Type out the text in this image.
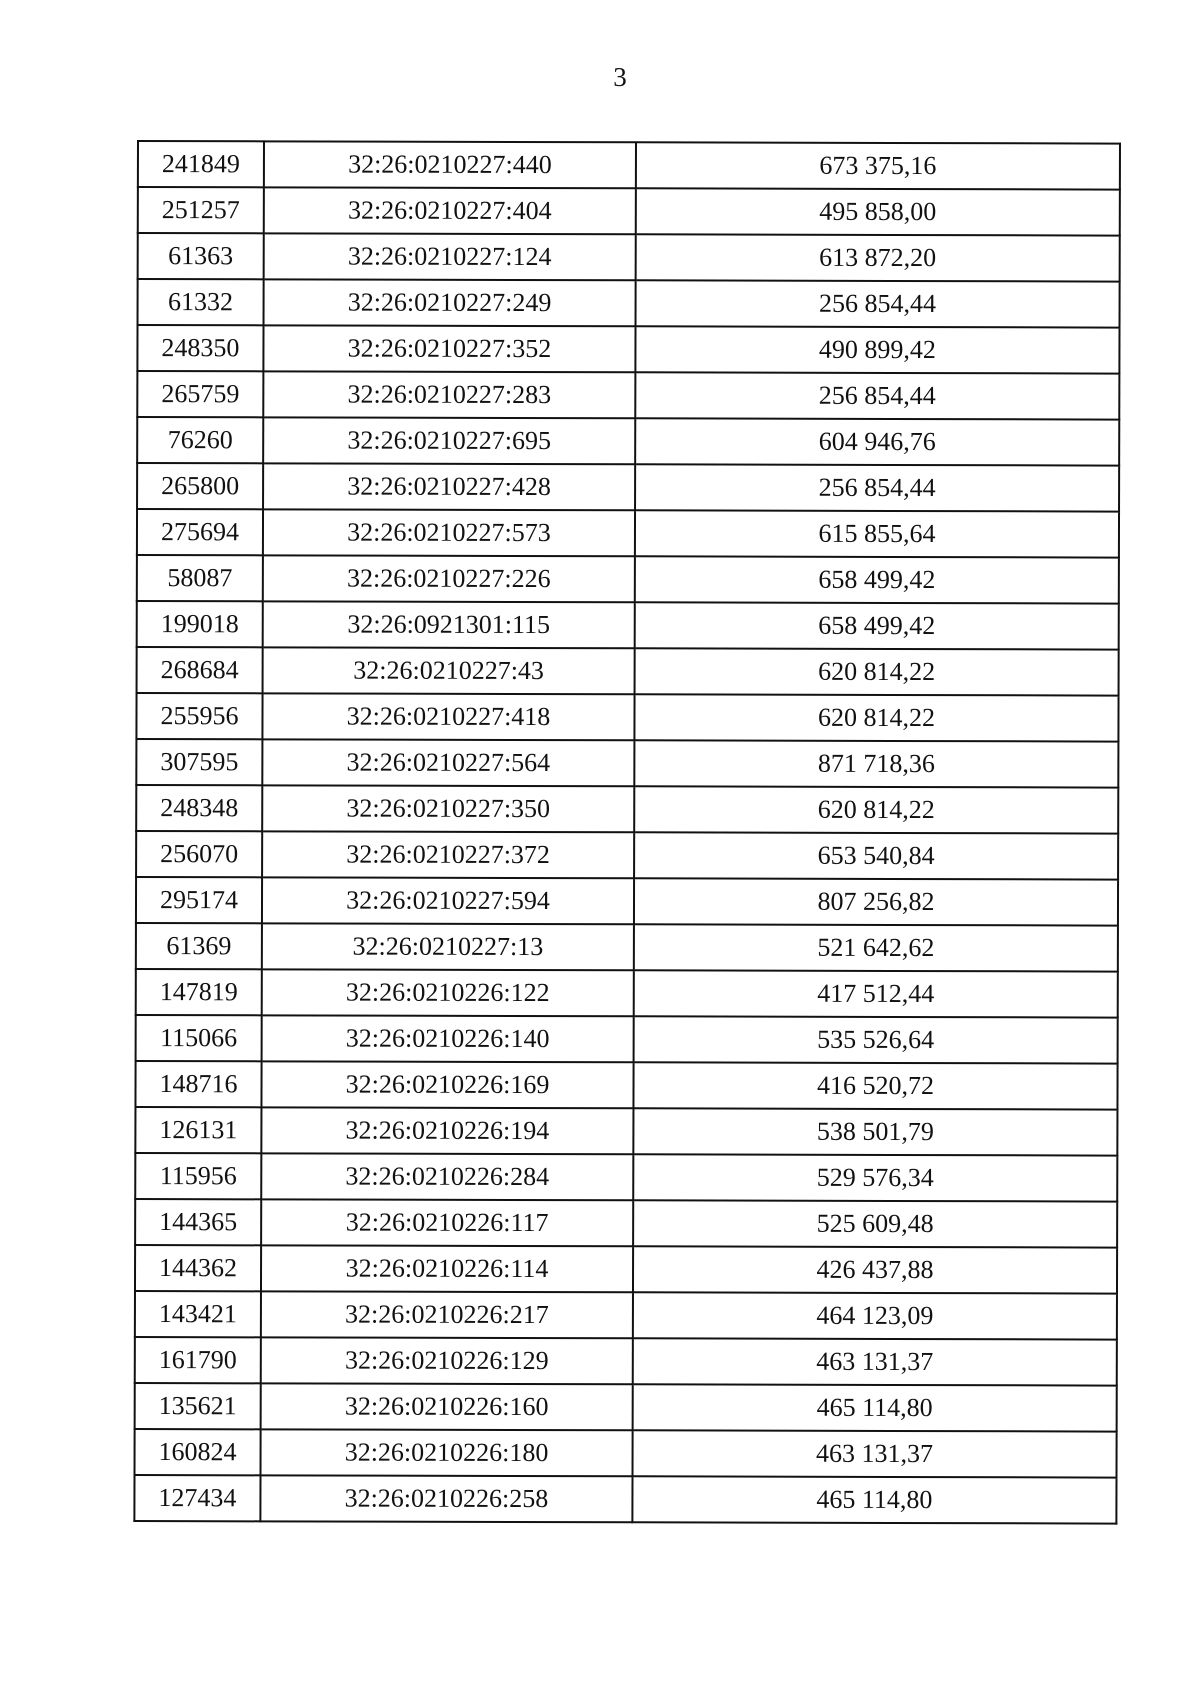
3
241849	32:26:0210227:440	673 375,16
251257	32:26:0210227:404	495 858,00
61363	32:26:0210227:124	613 872,20
61332	32:26:0210227:249	256 854,44
248350	32:26:0210227:352	490 899,42
265759	32:26:0210227:283	256 854,44
76260	32:26:0210227:695	604 946,76
265800	32:26:0210227:428	256 854,44
275694	32:26:0210227:573	615 855,64
58087	32:26:0210227:226	658 499,42
199018	32:26:0921301:115	658 499,42
268684	32:26:0210227:43	620 814,22
255956	32:26:0210227:418	620 814,22
307595	32:26:0210227:564	871 718,36
248348	32:26:0210227:350	620 814,22
256070	32:26:0210227:372	653 540,84
295174	32:26:0210227:594	807 256,82
61369	32:26:0210227:13	521 642,62
147819	32:26:0210226:122	417 512,44
115066	32:26:0210226:140	535 526,64
148716	32:26:0210226:169	416 520,72
126131	32:26:0210226:194	538 501,79
115956	32:26:0210226:284	529 576,34
144365	32:26:0210226:117	525 609,48
144362	32:26:0210226:114	426 437,88
143421	32:26:0210226:217	464 123,09
161790	32:26:0210226:129	463 131,37
135621	32:26:0210226:160	465 114,80
160824	32:26:0210226:180	463 131,37
127434	32:26:0210226:258	465 114,80
